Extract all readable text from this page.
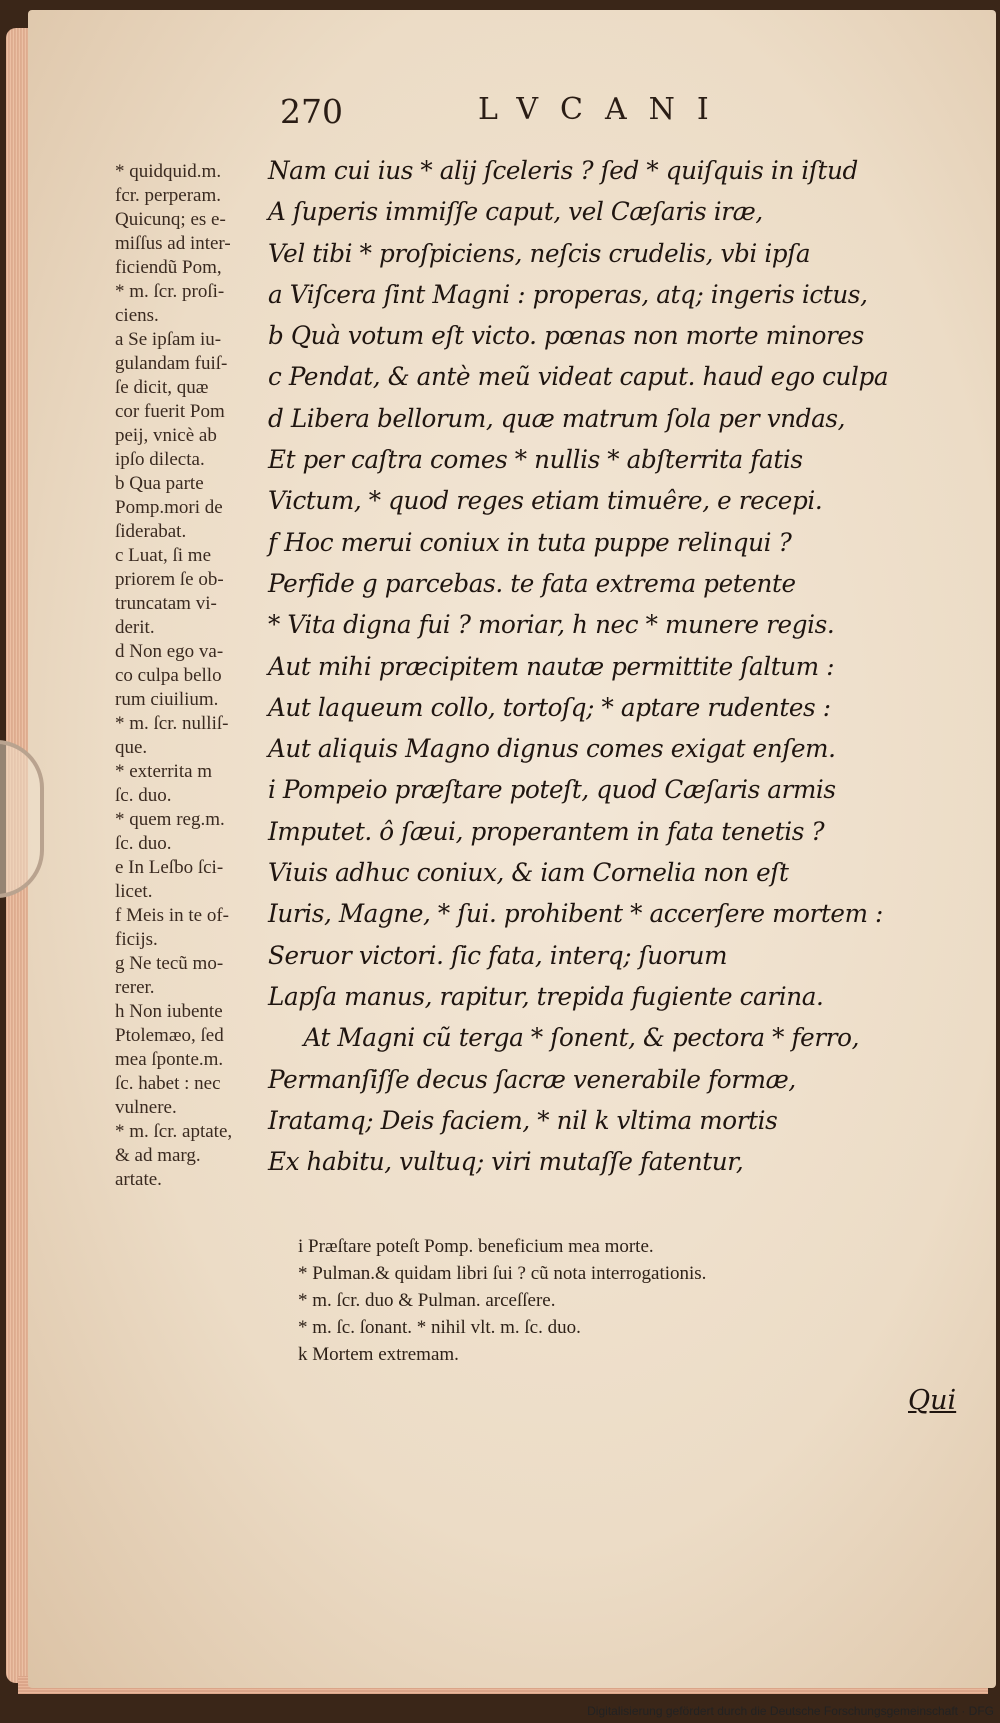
270	LVCANI
* quidquid.m.
fcr. perperam.
Quicunq; es e-
miſſus ad inter-
ficiendũ Pom,
* m. ſcr. proſi-
ciens.
a Se ipſam iu-
gulandam fuiſ-
ſe dicit, quæ
cor fuerit Pom
peij, vnicè ab
ipſo dilecta.
b Qua parte
Pomp.mori de
ſiderabat.
c Luat, ſi me
priorem ſe ob-
truncatam vi-
derit.
d Non ego va-
co culpa bello
rum ciuilium.
* m. ſcr. nulliſ-
que.
* exterrita m
ſc. duo.
* quem reg.m.
ſc. duo.
e In Leſbo ſci-
licet.
f Meis in te of-
ficijs.
g Ne tecũ mo-
rerer.
h Non iubente
Ptolemæo, ſed
mea ſponte.m.
ſc. habet : nec
vulnere.
* m. ſcr. aptate,
& ad marg.
artate.
Nam cui ius * alij ſceleris ? ſed * quiſquis in iſtud
A ſuperis immiſſe caput, vel Cæſaris iræ,
Vel tibi * proſpiciens, neſcis crudelis, vbi ipſa
a Viſcera ſint Magni : properas, atq; ingeris ictus,
b Quà votum eſt victo. pœnas non morte minores
c Pendat, & antè meũ videat caput. haud ego culpa
d Libera bellorum, quæ matrum ſola per vndas,
Et per caſtra comes * nullis * abſterrita fatis
Victum, * quod reges etiam timuêre, e recepi.
f Hoc merui coniux in tuta puppe relinqui ?
Perfide g parcebas. te fata extrema petente
* Vita digna fui ? moriar, h nec * munere regis.
Aut mihi præcipitem nautæ permittite ſaltum :
Aut laqueum collo, tortoſq; * aptare rudentes :
Aut aliquis Magno dignus comes exigat enſem.
i Pompeio præſtare poteſt, quod Cæſaris armis
Imputet. ô ſæui, properantem in fata tenetis ?
Viuis adhuc coniux, & iam Cornelia non eſt
Iuris, Magne, * ſui. prohibent * accerſere mortem :
Seruor victori. ſic fata, interq; ſuorum
Lapſa manus, rapitur, trepida fugiente carina.
At Magni cũ terga * ſonent, & pectora * ferro,
Permanſiſſe decus ſacræ venerabile formæ,
Iratamq; Deis faciem, * nil k vltima mortis
Ex habitu, vultuq; viri mutaſſe fatentur,
i Præſtare poteſt Pomp. beneficium mea morte.
* Pulman.& quidam libri ſui ? cũ nota interrogationis.
* m. ſcr. duo & Pulman. arceſſere.
* m. ſc. ſonant. * nihil vlt. m. ſc. duo.
k Mortem extremam.
Qui
Digitalisierung gefördert durch die Deutsche Forschungsgemeinschaft · DFG
